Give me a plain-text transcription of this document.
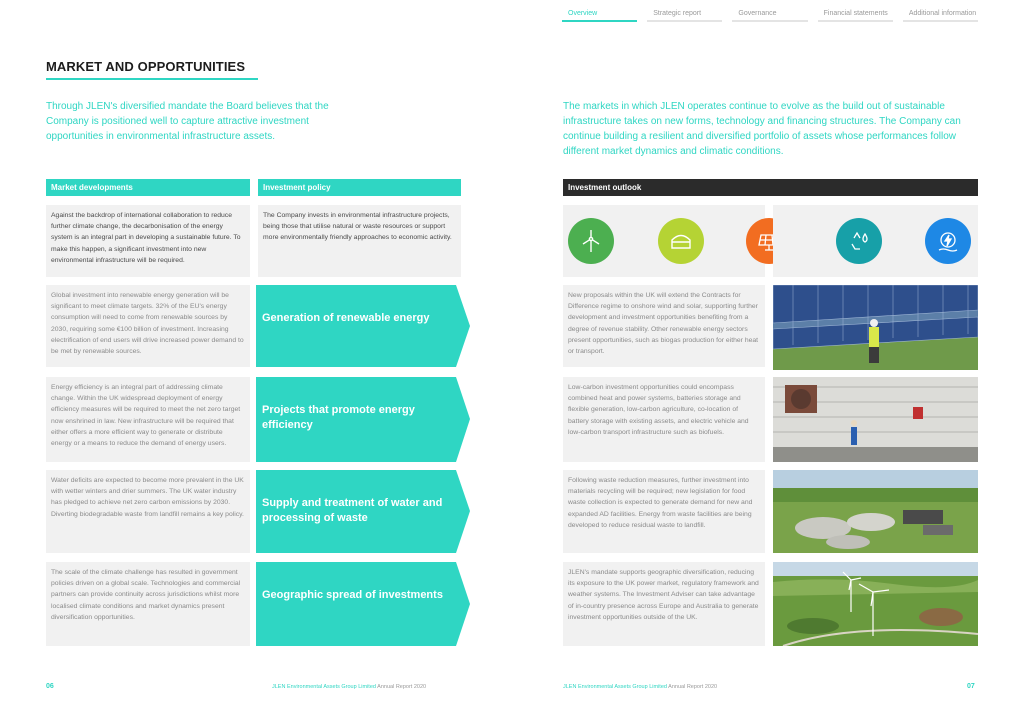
Overview	Strategic report	Governance	Financial statements	Additional information
MARKET AND OPPORTUNITIES
Through JLEN's diversified mandate the Board believes that the Company is positioned well to capture attractive investment opportunities in environmental infrastructure assets.
The markets in which JLEN operates continue to evolve as the build out of sustainable infrastructure takes on new forms, technology and financing structures. The Company can continue building a resilient and diversified portfolio of assets whose performances follow different market dynamics and climatic conditions.
Market developments	Investment policy	Investment outlook
Against the backdrop of international collaboration to reduce further climate change, the decarbonisation of the energy system is an integral part in developing a sustainable future. To make this happen, a significant investment into new environmental infrastructure will be required.
The Company invests in environmental infrastructure projects, being those that utilise natural or waste resources or support more environmentally friendly approaches to economic activity.
Global investment into renewable energy generation will be significant to meet climate targets. 32% of the EU's energy consumption will need to come from renewable sources by 2030, requiring some €100 billion of investment. Increasing electrification of end users will drive increased power demand to be met by renewable sources.
Generation of renewable energy
New proposals within the UK will extend the Contracts for Difference regime to onshore wind and solar, supporting further development and investment opportunities benefiting from a degree of revenue stability. Other renewable energy sectors present opportunities, such as biogas production for either heat or transport.
Energy efficiency is an integral part of addressing climate change. Within the UK widespread deployment of energy efficiency measures will be required to meet the net zero target now enshrined in law. New infrastructure will be required that either offers a more efficient way to generate or distribute energy or a means to reduce the demand of energy users.
Projects that promote energy efficiency
Low-carbon investment opportunities could encompass combined heat and power systems, batteries storage and flexible generation, low-carbon agriculture, co-location of battery storage with existing assets, and electric vehicle and low-carbon transport infrastructure such as biofuels.
Water deficits are expected to become more prevalent in the UK with wetter winters and drier summers. The UK water industry has pledged to achieve net zero carbon emissions by 2030. Diverting biodegradable waste from landfill remains a key policy.
Supply and treatment of water and processing of waste
Following waste reduction measures, further investment into materials recycling will be required; new legislation for food waste collection is expected to generate demand for new and expanded AD facilities. Energy from waste facilities are being developed to reduce residual waste to landfill.
The scale of the climate challenge has resulted in government policies driven on a global scale. Technologies and commercial partners can provide continuity across jurisdictions whilst more localised climate conditions and market dynamics present diversification opportunities.
Geographic spread of investments
JLEN's mandate supports geographic diversification, reducing its exposure to the UK power market, regulatory framework and weather systems. The Investment Adviser can take advantage of in-country presence across Europe and Australia to generate investment opportunities outside of the UK.
06	JLEN Environmental Assets Group Limited Annual Report 2020	JLEN Environmental Assets Group Limited Annual Report 2020	07
